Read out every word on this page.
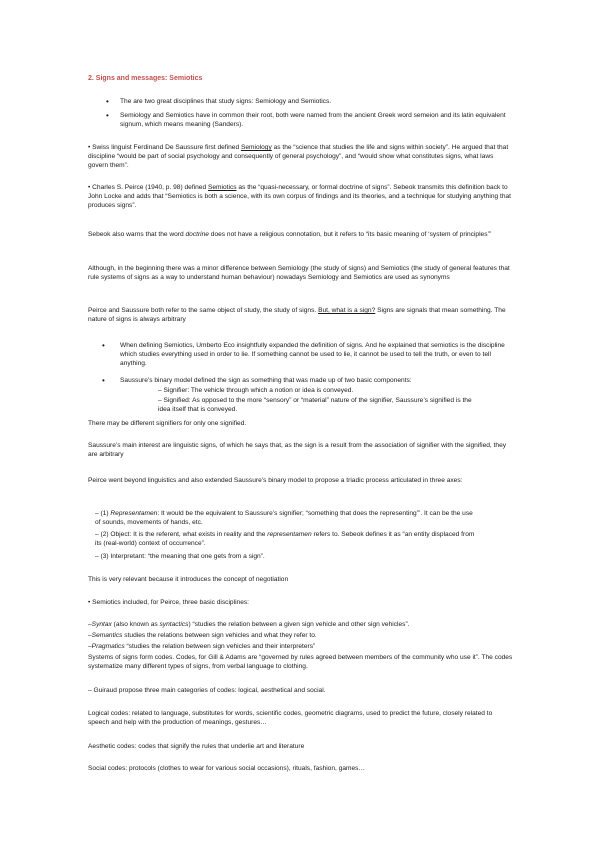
2. Signs and messages: Semiotics

• The are two great disciplines that study signs: Semiology and Semiotics.

• Semiology and Semiotics have in common their root, both were named from the ancient Greek word semeion and its latin equivalent signum, which means meaning (Sanders).

• Swiss linguist Ferdinand De Saussure first defined Semiology as the “science that studies the life and signs within society”. He argued that that discipline “would be part of social psychology and consequently of general psychology”, and “would show what constitutes signs, what laws govern them”.

• Charles S. Peirce (1940, p. 98) defined Semiotics as the “quasi-necessary, or formal doctrine of signs”. Sebeok transmits this definition back to John Locke and adds that “Semiotics is both a science, with its own corpus of findings and its theories, and a technique for studying anything that produces signs”.

Sebeok also warns that the word doctrine does not have a religious connotation, but it refers to “its basic meaning of ‘system of principles’”

Although, in the beginning there was a minor difference between Semiology (the study of signs) and Semiotics (the study of general features that rule systems of signs as a way to understand human behaviour) nowadays Semiology and Semiotics are used as synonyms

Peirce and Saussure both refer to the same object of study, the study of signs. But, what is a sign? Signs are signals that mean something. The nature of signs is always arbitrary

• When defining Semiotics, Umberto Eco insightfully expanded the definition of signs. And he explained that semiotics is the discipline which studies everything used in order to lie. If something cannot be used to lie, it cannot be used to tell the truth, or even to tell anything.

• Saussure’s binary model defined the sign as something that was made up of two basic components:

– Signifier: The vehicle through which a notion or idea is conveyed.

– Signified: As opposed to the more “sensory” or “material” nature of the signifier, Saussure’s signified is the idea itself that is conveyed.

There may be different signifiers for only one signified.

Saussure’s main interest are linguistic signs, of which he says that, as the sign is a result from the association of signifier with the signified, they are arbitrary

Peirce went beyond linguistics and also extended Saussure’s binary model to propose a triadic process articulated in three axes:

– (1) Representamen: It would be the equivalent to Saussure’s signifier; “something that does the representing”’. It can be the use of sounds, movements of hands, etc.

– (2) Object: It is the referent, what exists in reality and the representamen refers to. Sebeok defines it as “an entity displaced from its (real-world) context of occurrence”.

– (3) Interpretant: “the meaning that one gets from a sign”.

This is very relevant because it introduces the concept of negotiation

• Semiotics included, for Peirce, three basic disciplines:

–Syntax (also known as syntactics) “studies the relation between a given sign vehicle and other sign vehicles”.

–Semantics studies the relations between sign vehicles and what they refer to.

–Pragmatics “studies the relation between sign vehicles and their interpreters”

Systems of signs form codes. Codes, for Gill & Adams are “governed by rules agreed between members of the community who use it”. The codes systematize many different types of signs, from verbal language to clothing.

– Guiraud propose three main categories of codes: logical, aesthetical and social.

Logical codes: related to language, substitutes for words, scientific codes, geometric diagrams, used to predict the future, closely related to speech and help with the production of meanings, gestures…

Aesthetic codes: codes that signify the rules that underlie art and literature

Social codes: protocols (clothes to wear for various social occasions), rituals, fashion, games…
